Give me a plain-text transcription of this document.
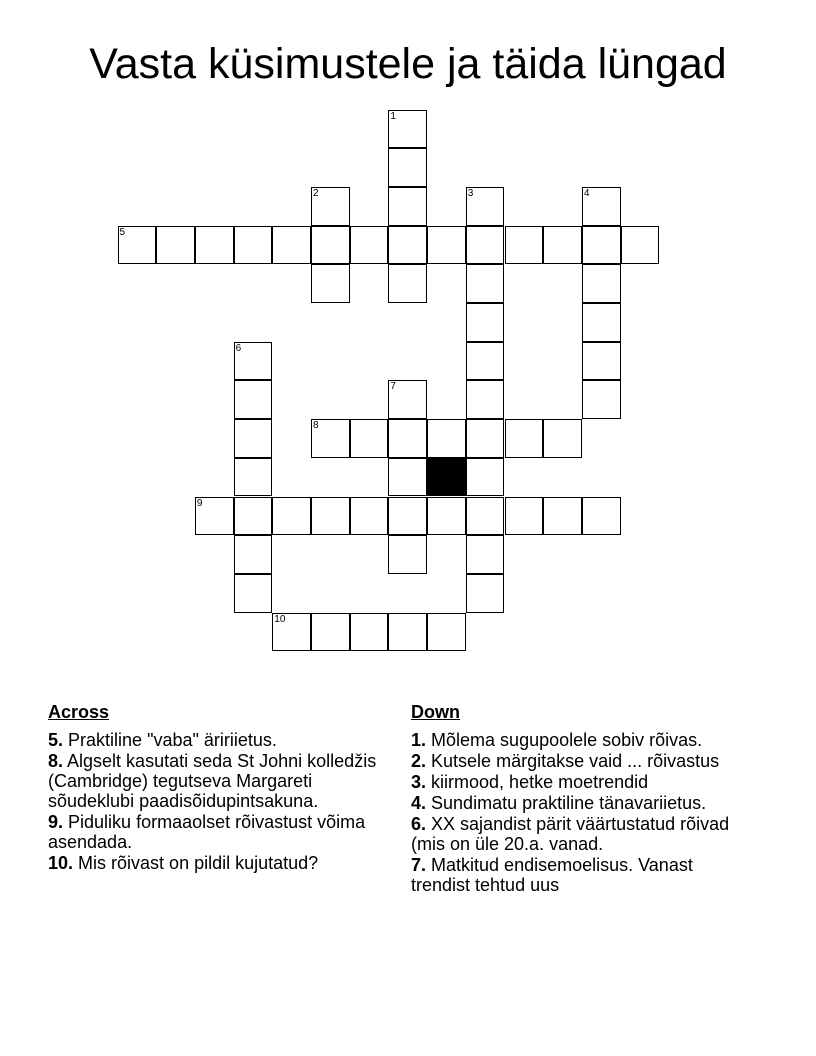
Vasta küsimustele ja täida lüngad
1
2	3	4
5
6
7
8
9
10
Across
5. Praktiline "vaba" äririietus.
8. Algselt kasutati seda St Johni kolledžis (Cambridge) tegutseva Margareti sõudeklubi paadisõidupintsakuna.
9. Piduliku formaaolset rõivastust võima asendada.
10. Mis rõivast on pildil kujutatud?
Down
1. Mõlema sugupoolele sobiv rõivas.
2. Kutsele märgitakse vaid ... rõivastus
3. kiirmood, hetke moetrendid
4. Sundimatu praktiline tänavariietus.
6. XX sajandist pärit väärtustatud rõivad (mis on üle 20.a. vanad.
7. Matkitud endisemoelisus. Vanast trendist tehtud uus
